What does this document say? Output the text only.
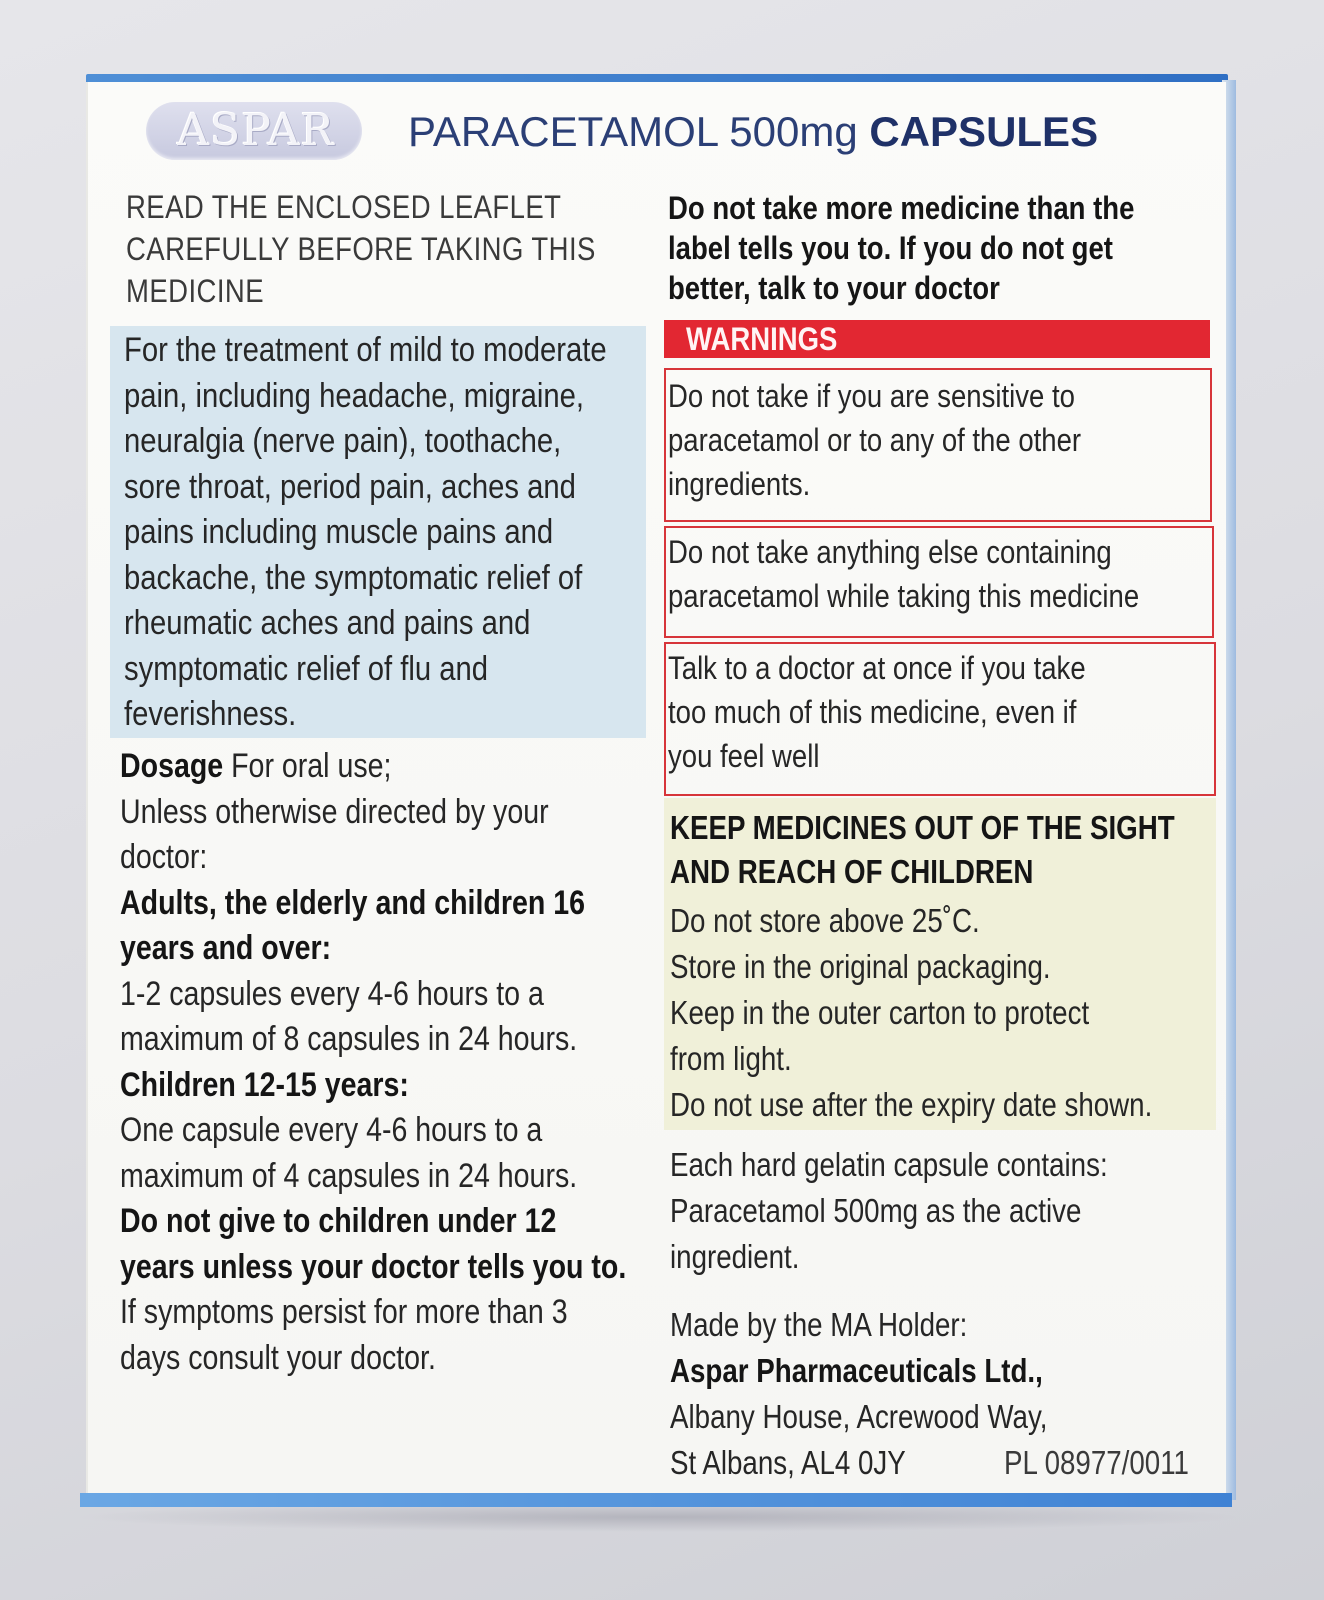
ASPAR PARACETAMOL 500mg CAPSULES
READ THE ENCLOSED LEAFLET
CAREFULLY BEFORE TAKING THIS
MEDICINE
For the treatment of mild to moderate
pain, including headache, migraine,
neuralgia (nerve pain), toothache,
sore throat, period pain, aches and
pains including muscle pains and
backache, the symptomatic relief of
rheumatic aches and pains and
symptomatic relief of flu and
feverishness.
Dosage For oral use;
Unless otherwise directed by your
doctor:
Adults, the elderly and children 16
years and over:
1-2 capsules every 4-6 hours to a
maximum of 8 capsules in 24 hours.
Children 12-15 years:
One capsule every 4-6 hours to a
maximum of 4 capsules in 24 hours.
Do not give to children under 12
years unless your doctor tells you to.
If symptoms persist for more than 3
days consult your doctor.
Do not take more medicine than the
label tells you to. If you do not get
better, talk to your doctor
WARNINGS
Do not take if you are sensitive to
paracetamol or to any of the other
ingredients.
Do not take anything else containing
paracetamol while taking this medicine
Talk to a doctor at once if you take
too much of this medicine, even if
you feel well
KEEP MEDICINES OUT OF THE SIGHT
AND REACH OF CHILDREN
Do not store above 25˚C.
Store in the original packaging.
Keep in the outer carton to protect
from light.
Do not use after the expiry date shown.
Each hard gelatin capsule contains:
Paracetamol 500mg as the active
ingredient.
Made by the MA Holder:
Aspar Pharmaceuticals Ltd.,
Albany House, Acrewood Way,
St Albans, AL4 0JY	PL 08977/0011
